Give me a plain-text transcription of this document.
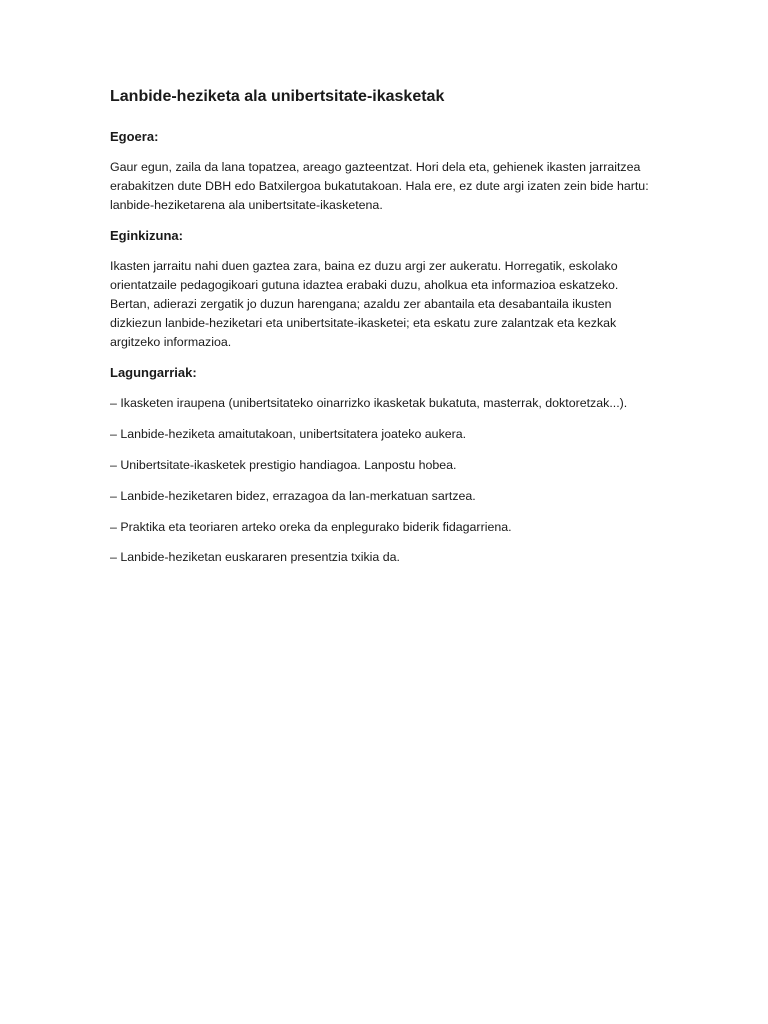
Lanbide-heziketa ala unibertsitate-ikasketak
Egoera:

Gaur egun, zaila da lana topatzea, areago gazteentzat. Hori dela eta, gehienek ikasten jarraitzea erabakitzen dute DBH edo Batxilergoa bukatutakoan. Hala ere, ez dute argi izaten zein bide hartu: lanbide-heziketarena ala unibertsitate-ikasketena.

Eginkizuna:

Ikasten jarraitu nahi duen gaztea zara, baina ez duzu argi zer aukeratu. Horregatik, eskolako orientatzaile pedagogikoari gutuna idaztea erabaki duzu, aholkua eta informazioa eskatzeko. Bertan, adierazi zergatik jo duzun harengana; azaldu zer abantaila eta desabantaila ikusten dizkiezun lanbide-heziketari eta unibertsitate-ikasketei; eta eskatu zure zalantzak eta kezkak argitzeko informazioa.

Lagungarriak:

– Ikasketen iraupena (unibertsitateko oinarrizko ikasketak bukatuta, masterrak, doktoretzak...).

– Lanbide-heziketa amaitutakoan, unibertsitatera joateko aukera.

– Unibertsitate-ikasketek prestigio handiagoa. Lanpostu hobea.

– Lanbide-heziketaren bidez, errazagoa da lan-merkatuan sartzea.

– Praktika eta teoriaren arteko oreka da enplegurako biderik fidagarriena.

– Lanbide-heziketan euskararen presentzia txikia da.
